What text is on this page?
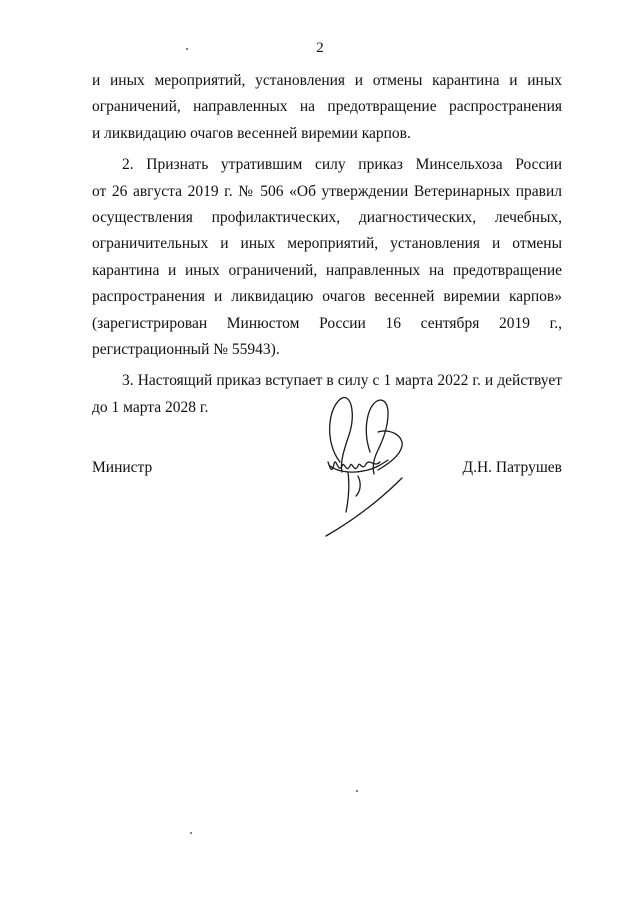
2
и иных мероприятий, установления и отмены карантина и иных
ограничений, направленных на предотвращение распространения
и ликвидацию очагов весенней виремии карпов.
2. Признать утратившим силу приказ Минсельхоза России
от 26 августа 2019 г. № 506 «Об утверждении Ветеринарных правил
осуществления профилактических, диагностических, лечебных,
ограничительных и иных мероприятий, установления и отмены
карантина и иных ограничений, направленных на предотвращение
распространения и ликвидацию очагов весенней виремии карпов»
(зарегистрирован Минюстом России 16 сентября 2019 г.,
регистрационный № 55943).
3. Настоящий приказ вступает в силу с 1 марта 2022 г. и действует
до 1 марта 2028 г.
Министр	Д.Н. Патрушев
